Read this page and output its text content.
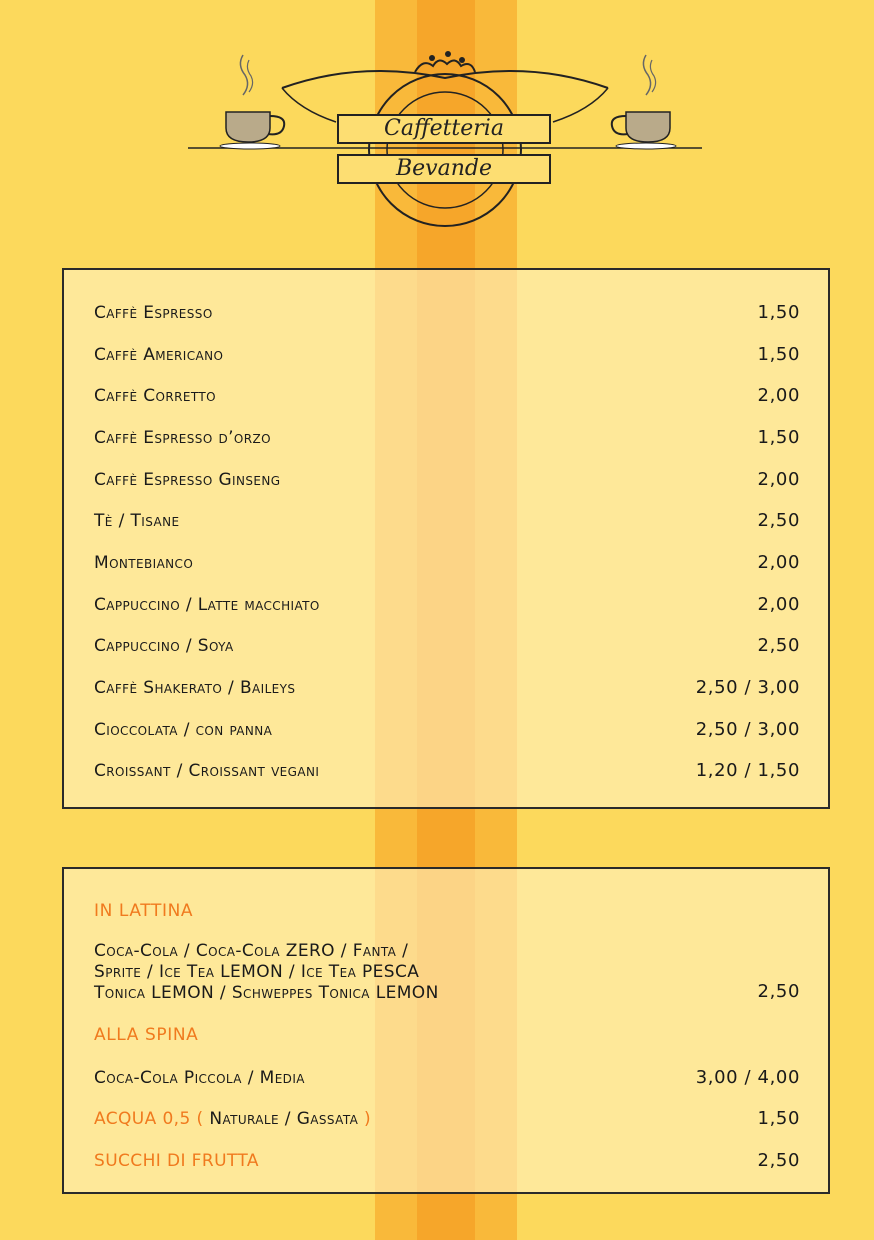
Caffetteria
Bevande
Caffè Espresso	1,50
Caffè Americano	1,50
Caffè Corretto	2,00
Caffè Espresso d’orzo	1,50
Caffè Espresso Ginseng	2,00
Tè / Tisane	2,50
Montebianco	2,00
Cappuccino / Latte macchiato	2,00
Cappuccino / Soya	2,50
Caffè Shakerato / Baileys	2,50 / 3,00
Cioccolata / con panna	2,50 / 3,00
Croissant / Croissant vegani	1,20 / 1,50
IN LATTINA
Coca-Cola / Coca-Cola ZERO / Fanta /
Sprite / Ice Tea LEMON / Ice Tea PESCA
Tonica LEMON / Schweppes Tonica LEMON	2,50
ALLA SPINA
Coca-Cola Piccola / Media	3,00 / 4,00
ACQUA 0,5 ( Naturale / Gassata )	1,50
SUCCHI DI FRUTTA	2,50
